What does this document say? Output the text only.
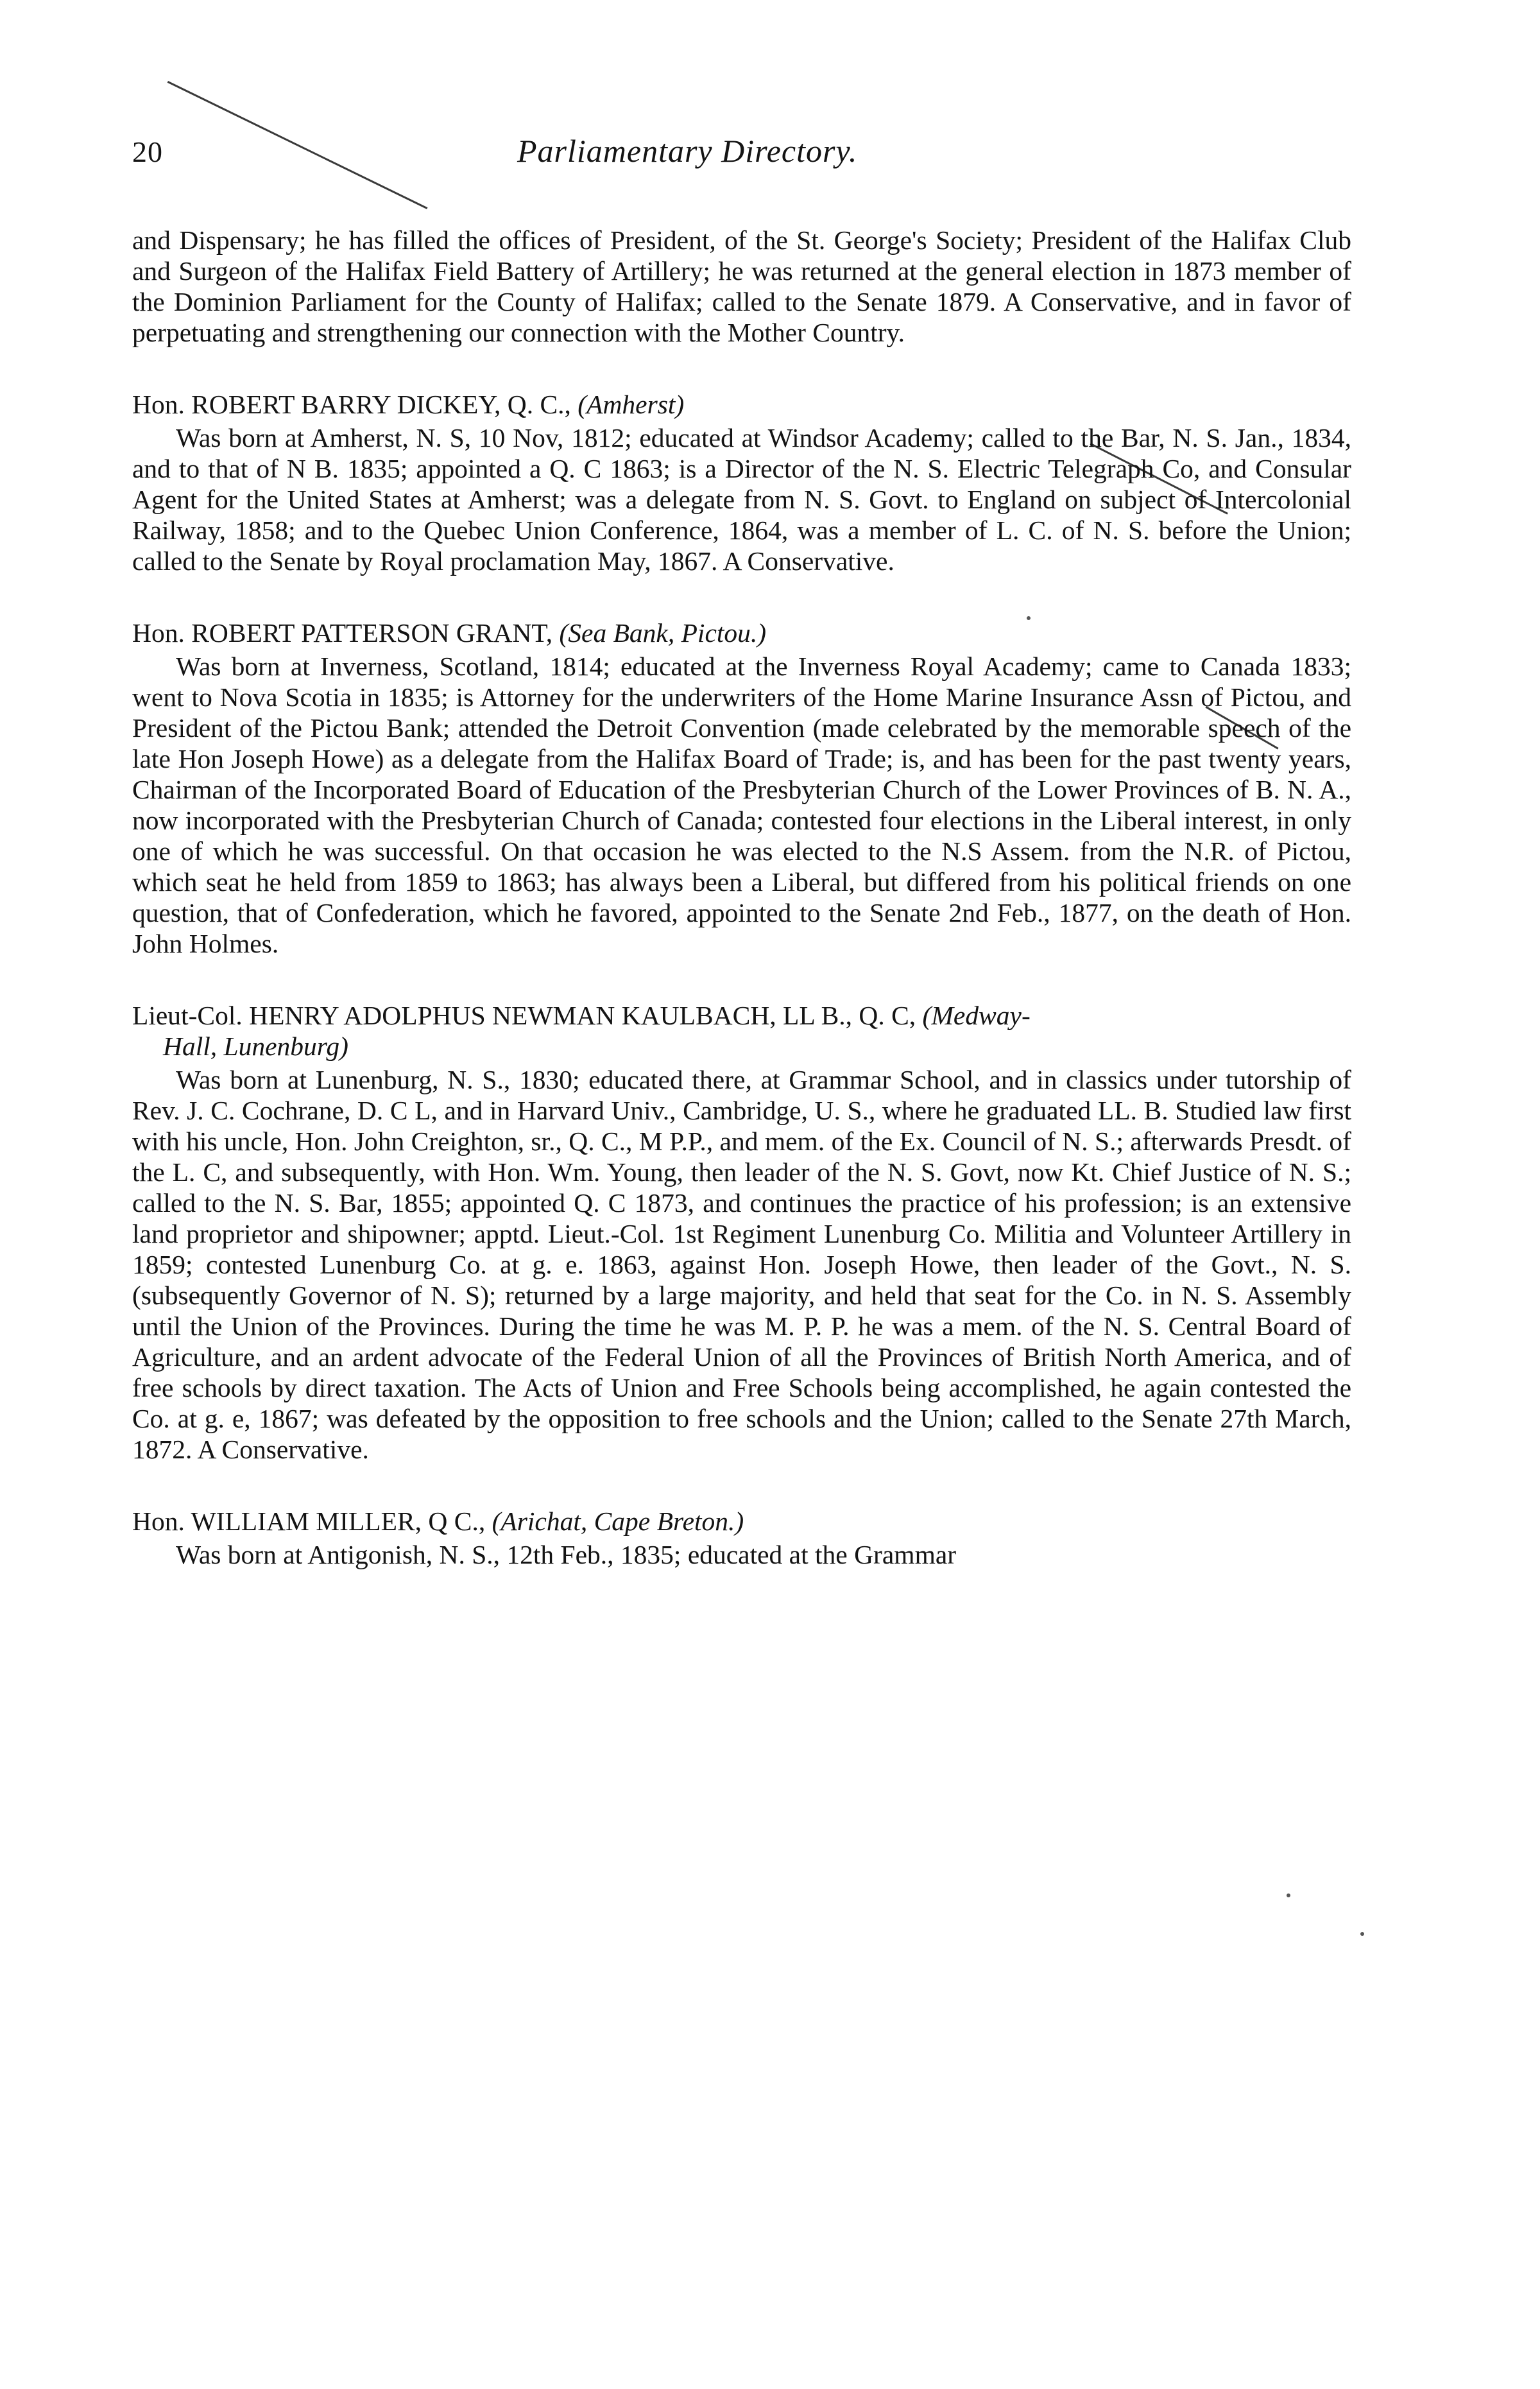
20	Parliamentary Directory.

and Dispensary; he has filled the offices of President, of the St. George's Society; President of the Halifax Club and Surgeon of the Halifax Field Battery of Artillery; he was returned at the general election in 1873 member of the Dominion Parliament for the County of Halifax; called to the Senate 1879. A Conservative, and in favor of perpetuating and strengthening our connection with the Mother Country.

Hon. ROBERT BARRY DICKEY, Q. C., (Amherst)

Was born at Amherst, N. S, 10 Nov, 1812; educated at Windsor Academy; called to the Bar, N. S. Jan., 1834, and to that of N B. 1835; appointed a Q. C 1863; is a Director of the N. S. Electric Telegraph Co, and Consular Agent for the United States at Amherst; was a delegate from N. S. Govt. to England on subject of Intercolonial Railway, 1858; and to the Quebec Union Conference, 1864, was a member of L. C. of N. S. before the Union; called to the Senate by Royal proclamation May, 1867. A Conservative.

Hon. ROBERT PATTERSON GRANT, (Sea Bank, Pictou.)

Was born at Inverness, Scotland, 1814; educated at the Inverness Royal Academy; came to Canada 1833; went to Nova Scotia in 1835; is Attorney for the underwriters of the Home Marine Insurance Assn of Pictou, and President of the Pictou Bank; attended the Detroit Convention (made celebrated by the memorable speech of the late Hon Joseph Howe) as a delegate from the Halifax Board of Trade; is, and has been for the past twenty years, Chairman of the Incorporated Board of Education of the Presbyterian Church of the Lower Provinces of B. N. A., now incorporated with the Presbyterian Church of Canada; contested four elections in the Liberal interest, in only one of which he was successful. On that occasion he was elected to the N.S Assem. from the N.R. of Pictou, which seat he held from 1859 to 1863; has always been a Liberal, but differed from his political friends on one question, that of Confederation, which he favored, appointed to the Senate 2nd Feb., 1877, on the death of Hon. John Holmes.

Lieut-Col. HENRY ADOLPHUS NEWMAN KAULBACH, LL B., Q. C, (Medway-
Hall, Lunenburg)

Was born at Lunenburg, N. S., 1830; educated there, at Grammar School, and in classics under tutorship of Rev. J. C. Cochrane, D. C L, and in Harvard Univ., Cambridge, U. S., where he graduated LL. B. Studied law first with his uncle, Hon. John Creighton, sr., Q. C., M P.P., and mem. of the Ex. Council of N. S.; afterwards Presdt. of the L. C, and subsequently, with Hon. Wm. Young, then leader of the N. S. Govt, now Kt. Chief Justice of N. S.; called to the N. S. Bar, 1855; appointed Q. C 1873, and continues the practice of his profession; is an extensive land proprietor and shipowner; apptd. Lieut.-Col. 1st Regiment Lunenburg Co. Militia and Volunteer Artillery in 1859; contested Lunenburg Co. at g. e. 1863, against Hon. Joseph Howe, then leader of the Govt., N. S. (subsequently Governor of N. S); returned by a large majority, and held that seat for the Co. in N. S. Assembly until the Union of the Provinces. During the time he was M. P. P. he was a mem. of the N. S. Central Board of Agriculture, and an ardent advocate of the Federal Union of all the Provinces of British North America, and of free schools by direct taxation. The Acts of Union and Free Schools being accomplished, he again contested the Co. at g. e, 1867; was defeated by the opposition to free schools and the Union; called to the Senate 27th March, 1872. A Conservative.

Hon. WILLIAM MILLER, Q C., (Arichat, Cape Breton.)

Was born at Antigonish, N. S., 12th Feb., 1835; educated at the Grammar
